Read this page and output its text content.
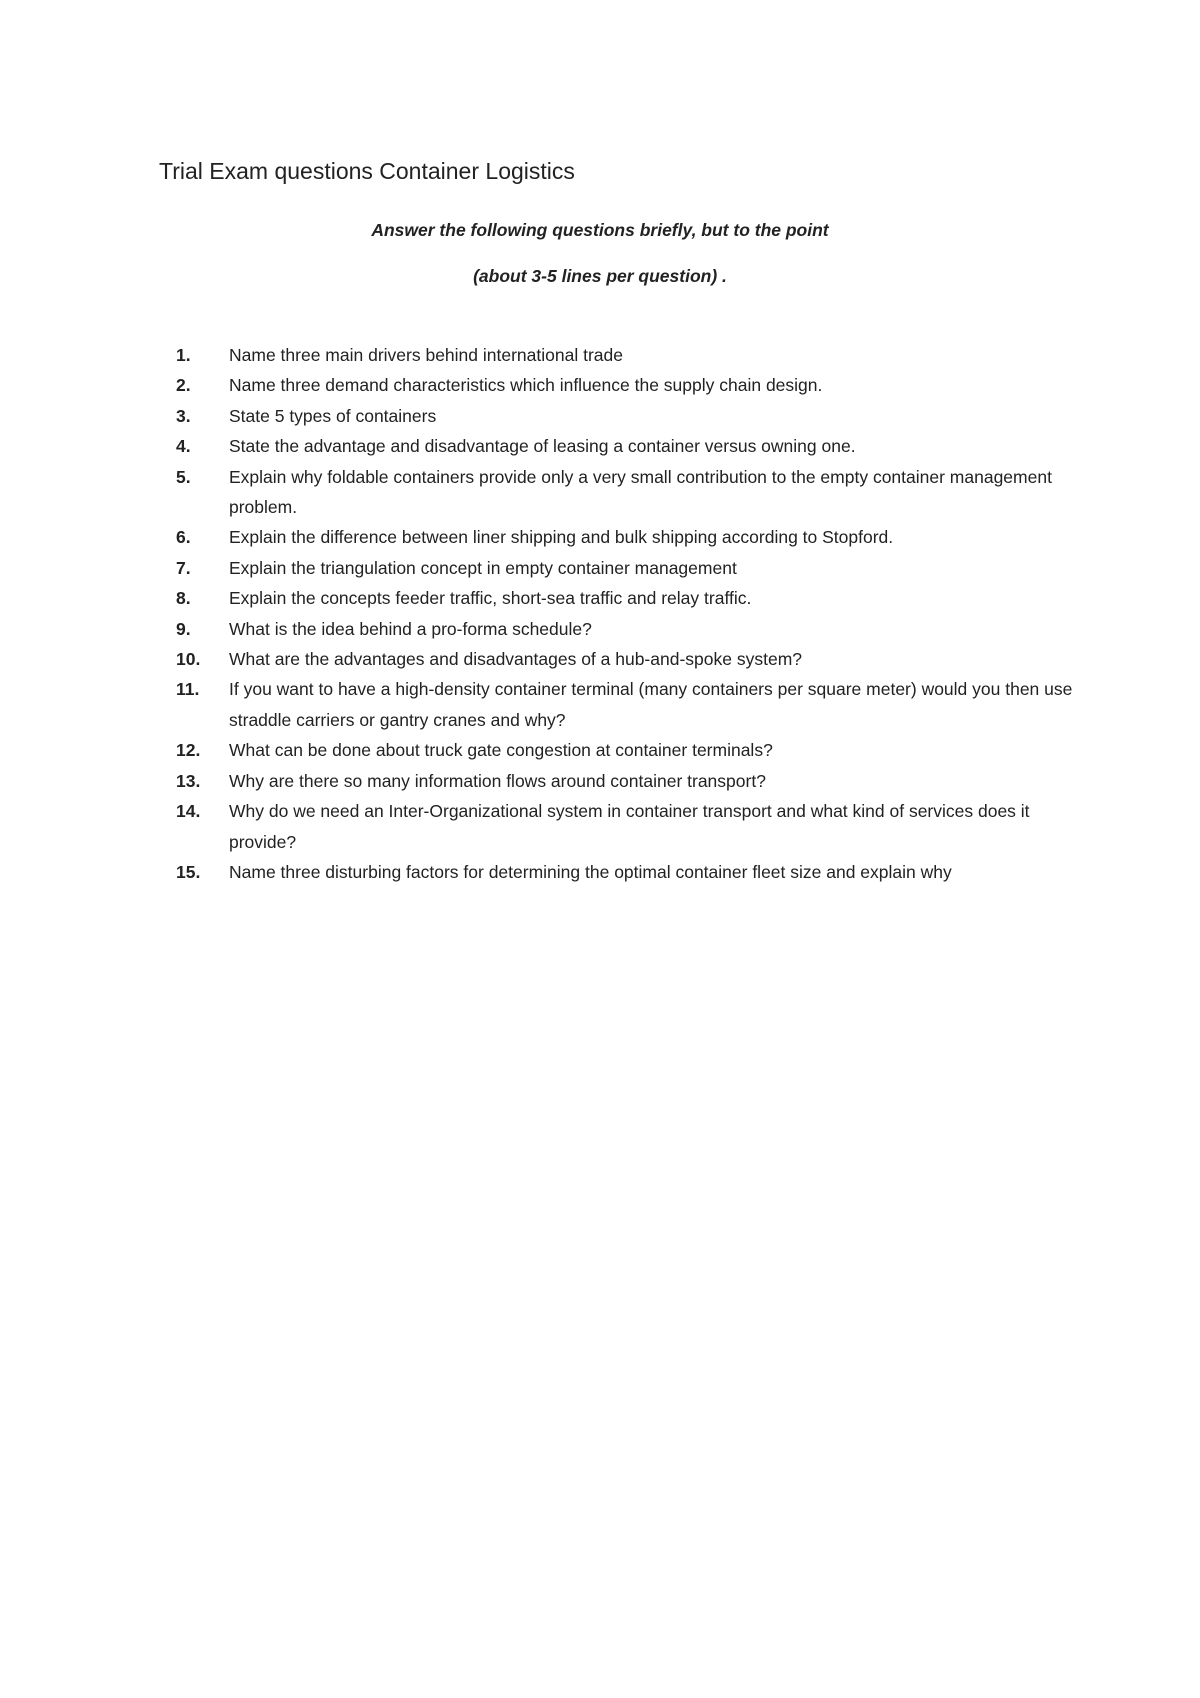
Trial Exam questions Container Logistics

Answer the following questions briefly, but to the point

(about 3-5 lines per question) .

1.	Name three main drivers behind international trade
2.	Name three demand characteristics which influence the supply chain design.
3.	State 5 types of containers
4.	State the advantage and disadvantage of leasing a container versus owning one.
5.	Explain why foldable containers provide only a very small contribution to the empty container management problem.
6.	Explain the difference between liner shipping and bulk shipping according to Stopford.
7.	Explain the triangulation concept in empty container management
8.	Explain the concepts feeder traffic, short-sea traffic and relay traffic.
9.	What is the idea behind a pro-forma schedule?
10.	What are the advantages and disadvantages of a hub-and-spoke system?
11.	If you want to have a high-density container terminal (many containers per square meter) would you then use straddle carriers or gantry cranes and why?
12.	What can be done about truck gate congestion at container terminals?
13.	Why are there so many information flows around container transport?
14.	Why do we need an Inter-Organizational system in container transport and what kind of services does it provide?
15.	Name three disturbing factors for determining the optimal container fleet size and explain why
